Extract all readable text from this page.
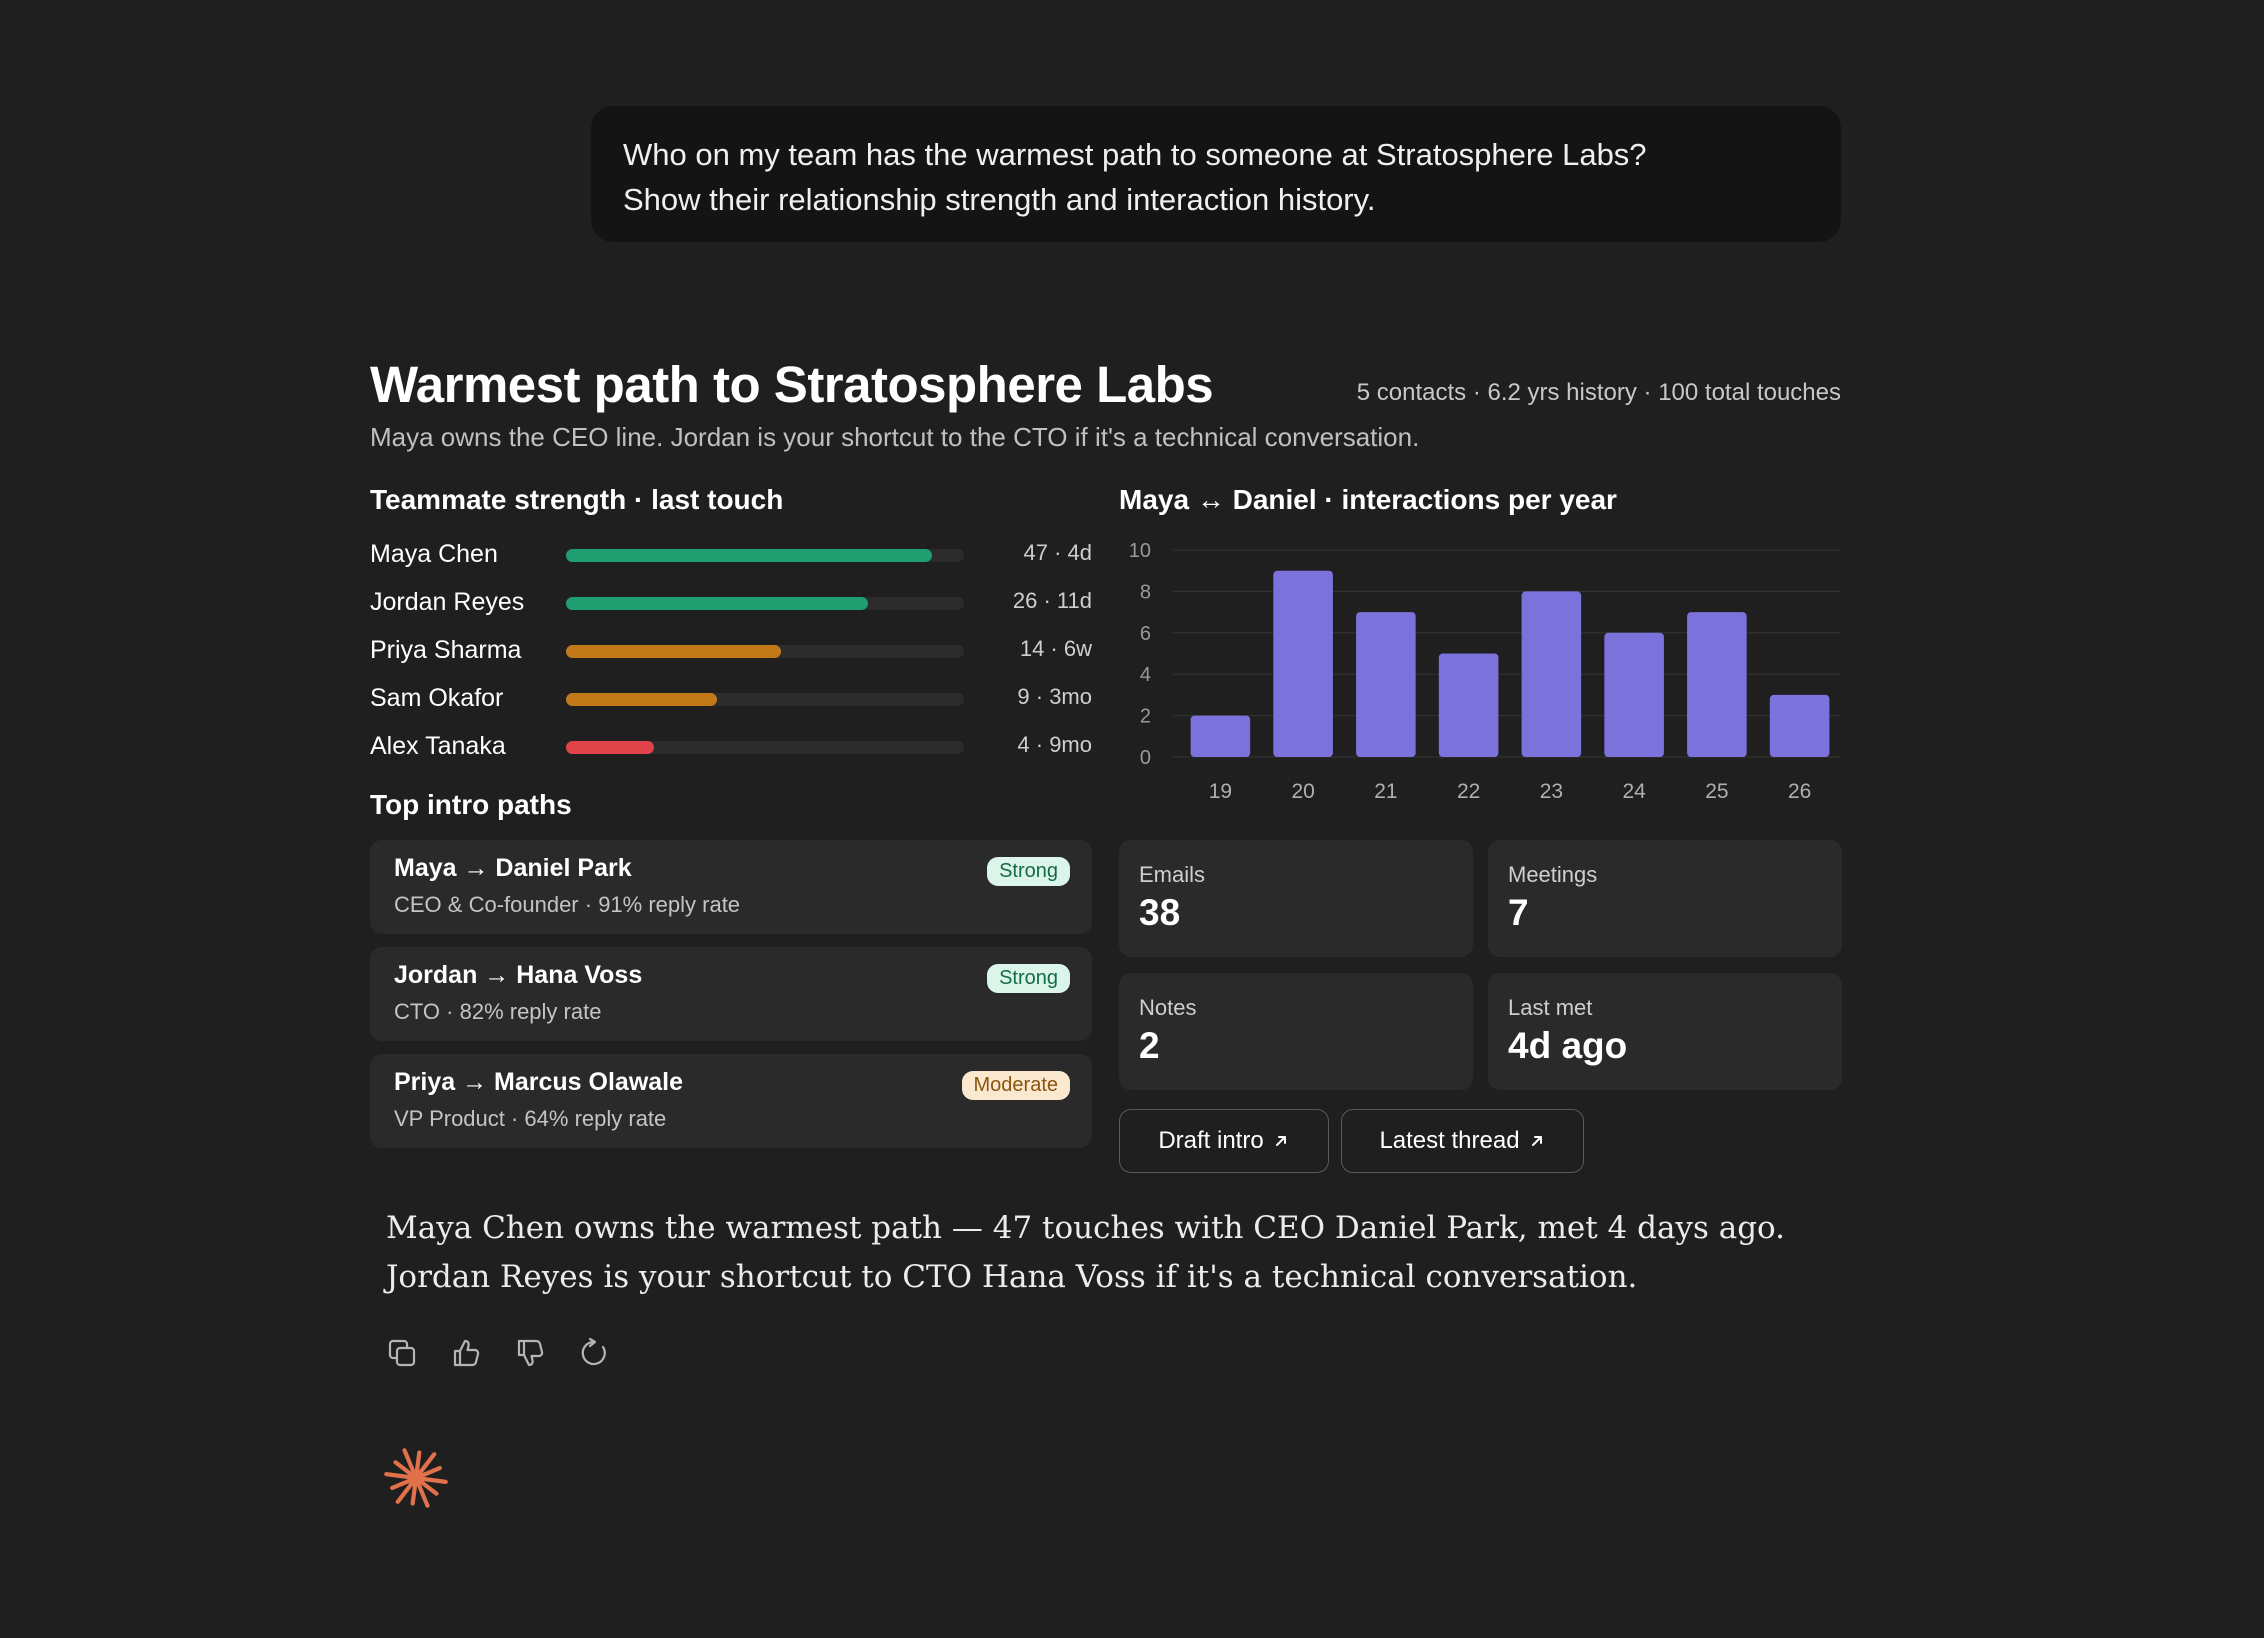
Who on my team has the warmest path to someone at Stratosphere Labs?
Show their relationship strength and interaction history.
Warmest path to Stratosphere Labs	5 contacts · 6.2 yrs history · 100 total touches
Maya owns the CEO line. Jordan is your shortcut to the CTO if it's a technical conversation.
Teammate strength · last touch
Maya Chen	47 · 4d
Jordan Reyes	26 · 11d
Priya Sharma	14 · 6w
Sam Okafor	9 · 3mo
Alex Tanaka	4 · 9mo
Top intro paths
Maya → Daniel Park
CEO & Co-founder · 91% reply rate
Strong
Jordan → Hana Voss
CTO · 82% reply rate
Strong
Priya → Marcus Olawale
VP Product · 64% reply rate
Moderate
Maya ↔ Daniel · interactions per year
0
2
4
6
8
10
19	20	21	22	23	24	25	26
Emails
38
Meetings
7
Notes
2
Last met
4d ago
Draft intro	Latest thread
Maya Chen owns the warmest path — 47 touches with CEO Daniel Park, met 4 days ago.
Jordan Reyes is your shortcut to CTO Hana Voss if it's a technical conversation.
